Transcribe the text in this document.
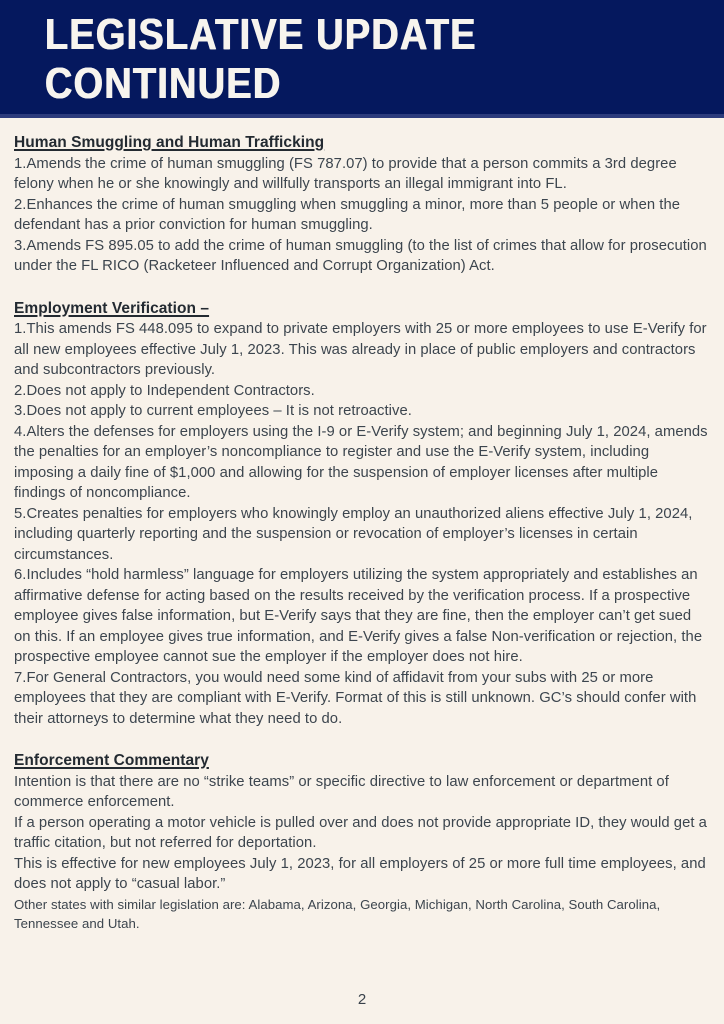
LEGISLATIVE UPDATE
CONTINUED
Human Smuggling and Human Trafficking

1.Amends the crime of human smuggling (FS 787.07) to provide that a person commits a 3rd degree felony when he or she knowingly and willfully transports an illegal immigrant into FL.

2.Enhances the crime of human smuggling when smuggling a minor, more than 5 people or when the defendant has a prior conviction for human smuggling.

3.Amends FS 895.05 to add the crime of human smuggling (to the list of crimes that allow for prosecution under the FL RICO (Racketeer Influenced and Corrupt Organization) Act.

Employment Verification –

1.This amends FS 448.095 to expand to private employers with 25 or more employees to use E-Verify for all new employees effective July 1, 2023. This was already in place of public employers and contractors and subcontractors previously.

2.Does not apply to Independent Contractors.

3.Does not apply to current employees – It is not retroactive.

4.Alters the defenses for employers using the I-9 or E-Verify system; and beginning July 1, 2024, amends the penalties for an employer’s noncompliance to register and use the E-Verify system, including imposing a daily fine of $1,000 and allowing for the suspension of employer licenses after multiple findings of noncompliance.

5.Creates penalties for employers who knowingly employ an unauthorized aliens effective July 1, 2024, including quarterly reporting and the suspension or revocation of employer’s licenses in certain circumstances.

6.Includes “hold harmless” language for employers utilizing the system appropriately and establishes an affirmative defense for acting based on the results received by the verification process. If a prospective employee gives false information, but E-Verify says that they are fine, then the employer can’t get sued on this. If an employee gives true information, and E-Verify gives a false Non-verification or rejection, the prospective employee cannot sue the employer if the employer does not hire.

7.For General Contractors, you would need some kind of affidavit from your subs with 25 or more employees that they are compliant with E-Verify. Format of this is still unknown. GC’s should confer with their attorneys to determine what they need to do.

Enforcement Commentary

Intention is that there are no “strike teams” or specific directive to law enforcement or department of commerce enforcement.

If a person operating a motor vehicle is pulled over and does not provide appropriate ID, they would get a traffic citation, but not referred for deportation.

This is effective for new employees July 1, 2023, for all employers of 25 or more full time employees, and does not apply to “casual labor.”

Other states with similar legislation are: Alabama, Arizona, Georgia, Michigan, North Carolina, South Carolina, Tennessee and Utah.

2
